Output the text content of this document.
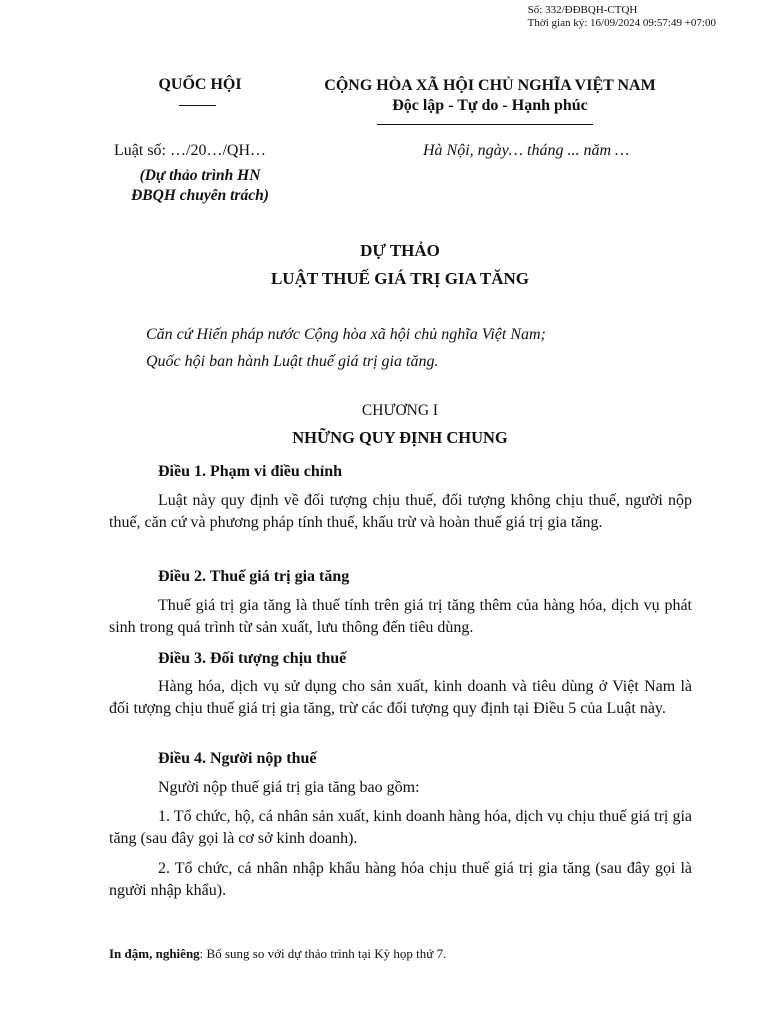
Số: 332/ĐĐBQH-CTQH
Thời gian ký: 16/09/2024 09:57:49 +07:00
QUỐC HỘI	CỘNG HÒA XÃ HỘI CHỦ NGHĨA VIỆT NAM
Độc lập - Tự do - Hạnh phúc
Luật số: …/20…/QH…	Hà Nội, ngày… tháng ... năm …
(Dự thảo trình HN
ĐBQH chuyên trách)
DỰ THẢO
LUẬT THUẾ GIÁ TRỊ GIA TĂNG
Căn cứ Hiến pháp nước Cộng hòa xã hội chủ nghĩa Việt Nam;
Quốc hội ban hành Luật thuế giá trị gia tăng.
CHƯƠNG I
NHỮNG QUY ĐỊNH CHUNG
Điều 1. Phạm vi điều chỉnh
Luật này quy định về đối tượng chịu thuế, đối tượng không chịu thuế, người nộp thuế, căn cứ và phương pháp tính thuế, khấu trừ và hoàn thuế giá trị gia tăng.
Điều 2. Thuế giá trị gia tăng
Thuế giá trị gia tăng là thuế tính trên giá trị tăng thêm của hàng hóa, dịch vụ phát sinh trong quá trình từ sản xuất, lưu thông đến tiêu dùng.
Điều 3. Đối tượng chịu thuế
Hàng hóa, dịch vụ sử dụng cho sản xuất, kinh doanh và tiêu dùng ở Việt Nam là đối tượng chịu thuế giá trị gia tăng, trừ các đối tượng quy định tại Điều 5 của Luật này.
Điều 4. Người nộp thuế
Người nộp thuế giá trị gia tăng bao gồm:
1. Tổ chức, hộ, cá nhân sản xuất, kinh doanh hàng hóa, dịch vụ chịu thuế giá trị gia tăng (sau đây gọi là cơ sở kinh doanh).
2. Tổ chức, cá nhân nhập khẩu hàng hóa chịu thuế giá trị gia tăng (sau đây gọi là người nhập khẩu).
In đậm, nghiêng: Bổ sung so với dự thảo trình tại Kỳ họp thứ 7.
